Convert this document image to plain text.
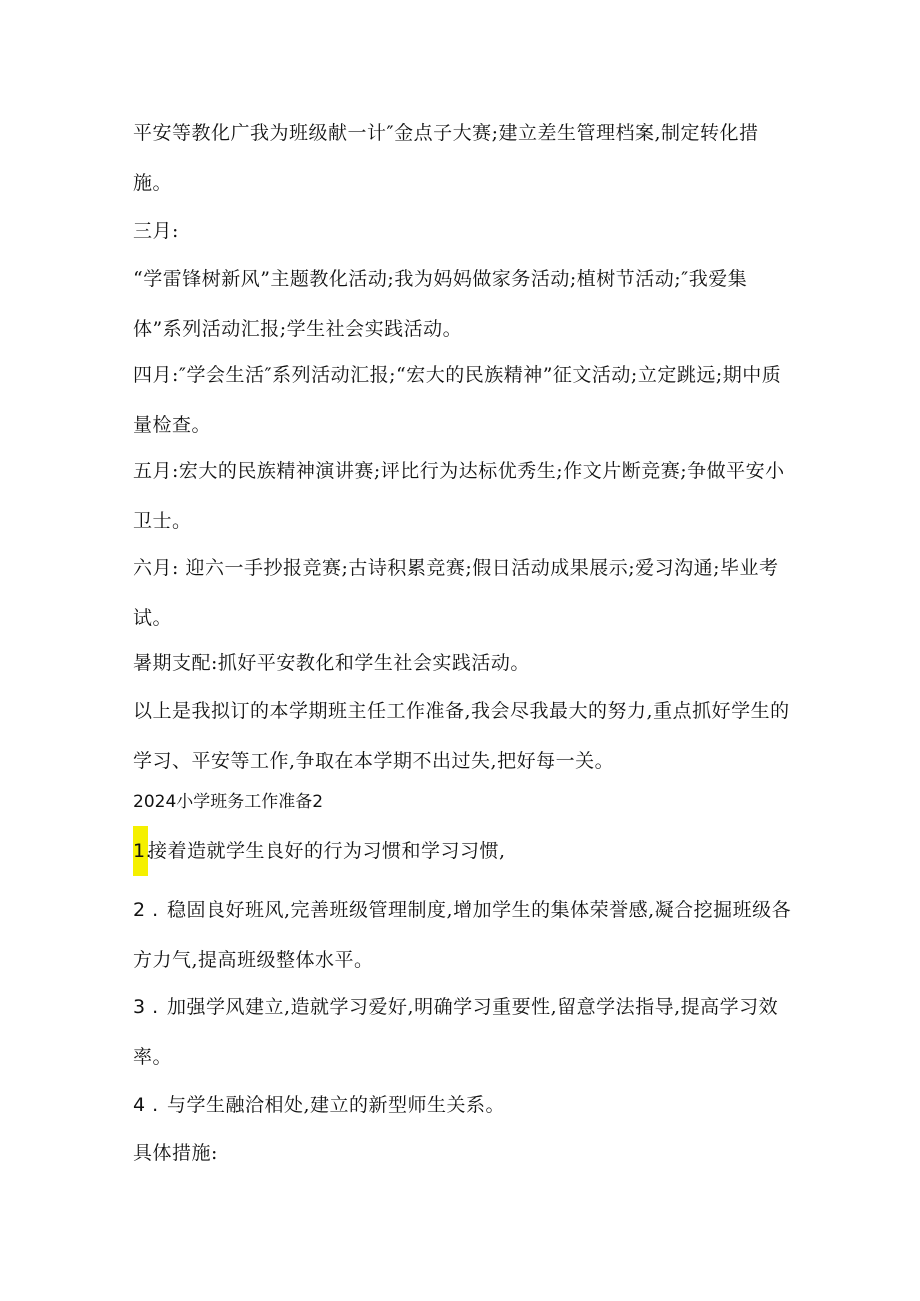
平安等教化广我为班级献一计″金点子大赛;建立差生管理档案,制定转化措施。

三月:

“学雷锋树新风”主题教化活动;我为妈妈做家务活动;植树节活动;″我爱集体”系列活动汇报;学生社会实践活动。

四月:″学会生活″系列活动汇报;“宏大的民族精神”征文活动;立定跳远;期中质量检查。

五月:宏大的民族精神演讲赛;评比行为达标优秀生;作文片断竞赛;争做平安小卫士。

六月: 迎六一手抄报竞赛;古诗积累竞赛;假日活动成果展示;爱习沟通;毕业考试。

暑期支配:抓好平安教化和学生社会实践活动。

以上是我拟订的本学期班主任工作准备,我会尽我最大的努力,重点抓好学生的学习、平安等工作,争取在本学期不出过失,把好每一关。

2024小学班务工作准备2
1.接着造就学生良好的行为习惯和学习习惯,
2 . 稳固良好班风,完善班级管理制度,增加学生的集体荣誉感,凝合挖掘班级各方力气,提高班级整体水平。
3 . 加强学风建立,造就学习爱好,明确学习重要性,留意学法指导,提高学习效率。
4 . 与学生融洽相处,建立的新型师生关系。

具体措施:
